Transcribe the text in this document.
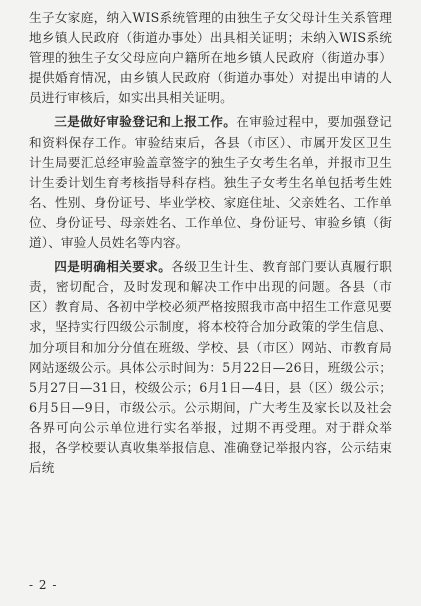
生子女家庭，纳入WIS系统管理的由独生子女父母计生关系管理地乡镇人民政府（街道办事处）出具相关证明；未纳入WIS系统管理的独生子女父母应向户籍所在地乡镇人民政府（街道办事）提供婚育情况，由乡镇人民政府（街道办事处）对提出申请的人员进行审核后，如实出具相关证明。

三是做好审验登记和上报工作。在审验过程中，要加强登记和资料保存工作。审验结束后，各县（市区）、市属开发区卫生计生局要汇总经审验盖章签字的独生子女考生名单，并报市卫生计生委计划生育考核指导科存档。独生子女考生名单包括考生姓名、性别、身份证号、毕业学校、家庭住址、父亲姓名、工作单位、身份证号、母亲姓名、工作单位、身份证号、审验乡镇（街道）、审验人员姓名等内容。

四是明确相关要求。各级卫生计生、教育部门要认真履行职责，密切配合，及时发现和解决工作中出现的问题。各县（市区）教育局、各初中学校必须严格按照我市高中招生工作意见要求，坚持实行四级公示制度，将本校符合加分政策的学生信息、加分项目和加分分值在班级、学校、县（市区）网站、市教育局网站逐级公示。具体公示时间为：5月22日—26日，班级公示；5月27日—31日，校级公示；6月1日—4日，县（区）级公示；6月5日—9日，市级公示。公示期间，广大考生及家长以及社会各界可向公示单位进行实名举报，过期不再受理。对于群众举报，各学校要认真收集举报信息、准确登记举报内容，公示结束后统

- 2 -
